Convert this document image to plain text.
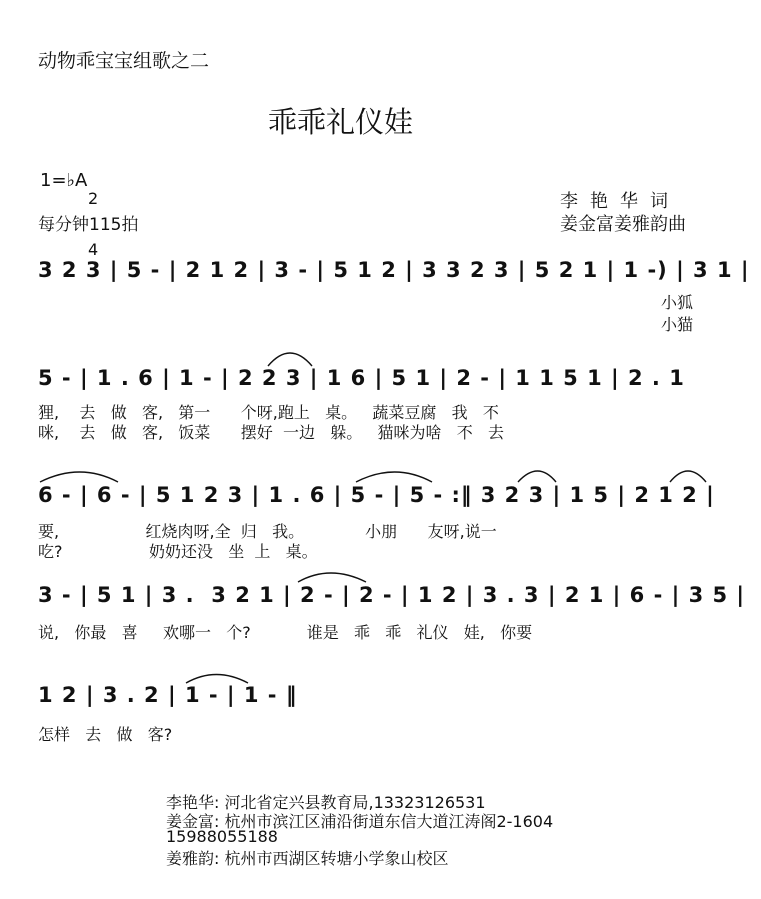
动物乖宝宝组歌之二
乖乖礼仪娃
1=♭A

2

4

每分钟115拍
李艳华词
姜金富姜雅韵曲
3 2 3 | 5 - | 2 1 2 | 3 - | 5 1 2 | 3 3 2 3 | 5 2 1 | 1 -) | 3 1 |
小狐
小猫
5 - | 1 . 6 | 1 - | 2 2 3 | 1 6 | 5 1 | 2 - | 1 1 5 1 | 2 . 1
狸,    去   做   客,   第一      个呀,跑上   桌。   蔬菜豆腐   我   不
咪,    去   做   客,   饭菜      摆好  一边   躲。   猫咪为啥   不   去
6 - | 6 - | 5 1 2 3 | 1 . 6 | 5 - | 5 - :‖ 3 2 3 | 1 5 | 2 1 2 |
要,                 红烧肉呀,全  归   我。            小朋      友呀,说一
吃?                 奶奶还没   坐  上   桌。
3 - | 5 1 | 3 .  3 2 1 | 2 - | 2 - | 1 2 | 3 . 3 | 2 1 | 6 - | 3 5 |
说,   你最   喜     欢哪一   个?           谁是   乖   乖   礼仪   娃,   你要
1 2 | 3 . 2 | 1 - | 1 - ‖
怎样   去   做   客?
李艳华: 河北省定兴县教育局,13323126531
姜金富: 杭州市滨江区浦沿街道东信大道江涛阁2-1604
15988055188
姜雅韵: 杭州市西湖区转塘小学象山校区
